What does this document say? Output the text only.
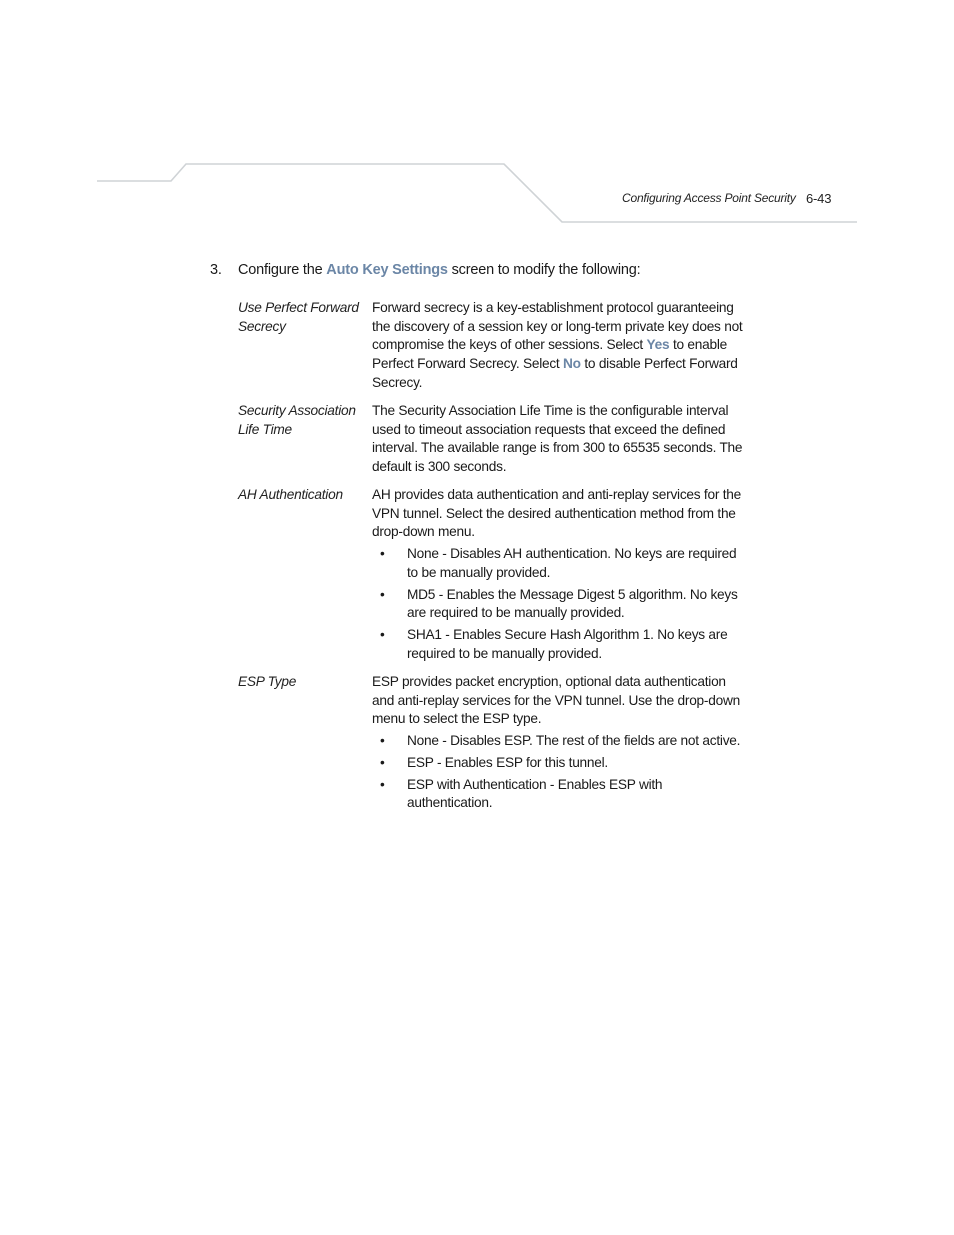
Configuring Access Point Security 6-43
3. Configure the Auto Key Settings screen to modify the following:
Use Perfect Forward Secrecy

Forward secrecy is a key-establishment protocol guaranteeing the discovery of a session key or long-term private key does not compromise the keys of other sessions. Select Yes to enable Perfect Forward Secrecy. Select No to disable Perfect Forward Secrecy.

Security Association Life Time

The Security Association Life Time is the configurable interval used to timeout association requests that exceed the defined interval. The available range is from 300 to 65535 seconds. The default is 300 seconds.

AH Authentication	AH provides data authentication and anti-replay services for the VPN tunnel. Select the desired authentication method from the drop-down menu.

• None - Disables AH authentication. No keys are required to be manually provided.
• MD5 - Enables the Message Digest 5 algorithm. No keys are required to be manually provided.
• SHA1 - Enables Secure Hash Algorithm 1. No keys are required to be manually provided.
ESP Type	ESP provides packet encryption, optional data authentication and anti-replay services for the VPN tunnel. Use the drop-down menu to select the ESP type.

• None - Disables ESP. The rest of the fields are not active.
• ESP - Enables ESP for this tunnel.
• ESP with Authentication - Enables ESP with authentication.
